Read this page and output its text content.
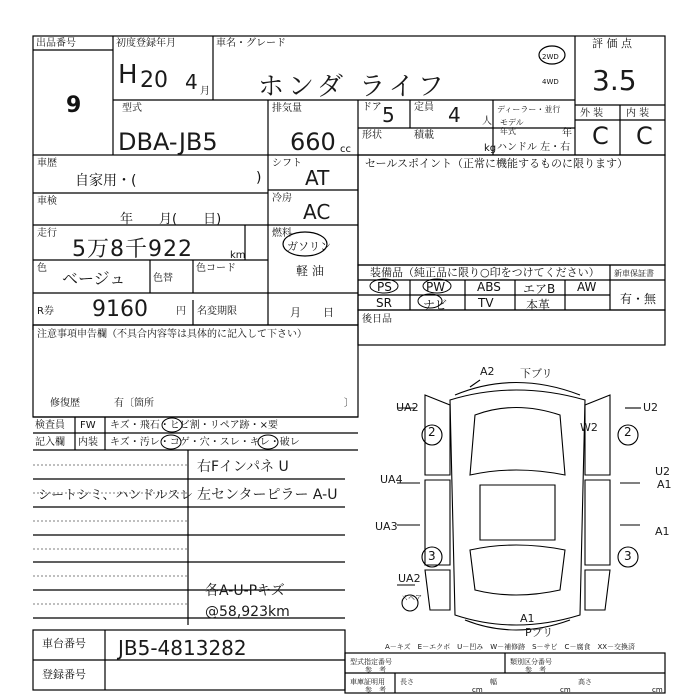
出品番号
9
初度登録年月
H 20 4 月
車名・グレード
ホンダ ライフ
2WD
4WD
評 価 点
3.5
型式
DBA-JB5
排気量
660 cc
ドア 5 定員 4 人
ディーラー・並行
モデル年式	年
形状	積載
kg ハンドル 左・右
外 装 内 装
C C
車歴
自家用・(	)
車検
年　　月(　　日)
走行
5万8千922	km
色
ベージュ	色替
色コード
R券 9160	円 名変期限	月　　日
シフト
AT
冷房
AC
燃料
ガソリン
軽 油
セールスポイント（正常に機能するものに限ります）
装備品（純正品に限り○印をつけてください） 新車保証書
有・無
PS	PW	ABS エアB AW
SR	ナビ	TV	本革
後日品
注意事項申告欄（不具合内容等は具体的に記入して下さい）
修復歴	有〔箇所	〕
検査員
記入欄
FW キズ・飛石・ヒビ割・リペア跡・×要
内装 キズ・汚レ・コゲ・穴・スレ・キレ・破レ
右Fインパネ U
シートシミ、ハンドルスレ 左センターピラー A-U
各A-U-Pキズ
@58,923km
A2 下ブリ
UA2	U2
W2
UA4
UA3
UA2
U2
A1
A1
A1
Pブリ
スペア
2	2
3	3
A－キズ　E－エクボ　U－凹み　W－補修跡　S－サビ　C－腐食　XX－交換済
車台番号 JB5-4813282
登録番号
型式指定番号
参　考
類別区分番号
参　考
車庫証明用
参　考
長さ
cm
幅
cm
高さ
cm
